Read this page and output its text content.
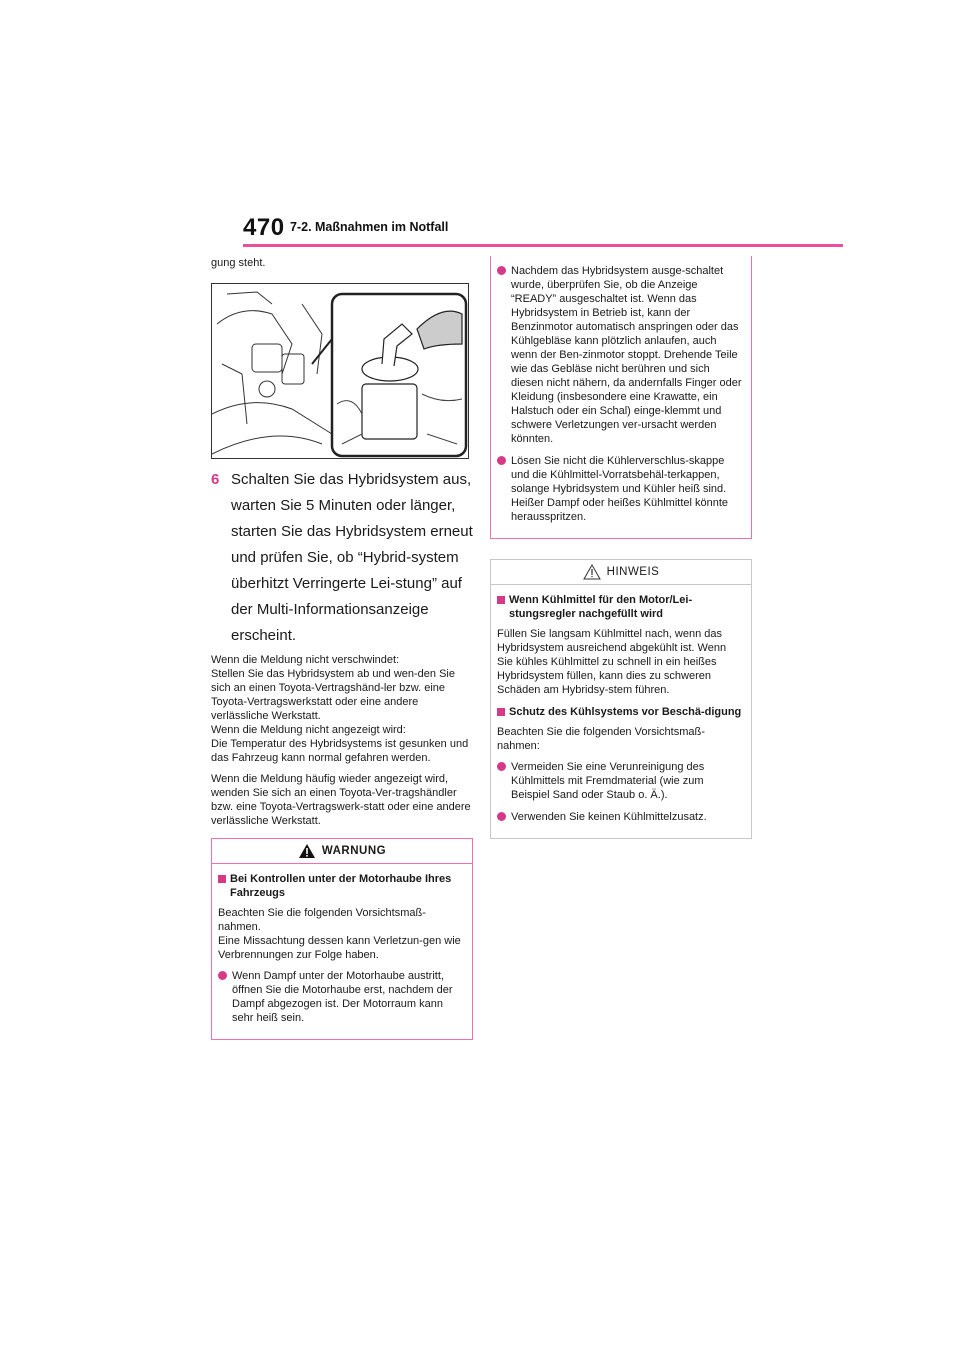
470 7-2. Maßnahmen im Notfall

gung steht.

6 Schalten Sie das Hybridsystem aus, warten Sie 5 Minuten oder länger, starten Sie das Hybridsystem erneut und prüfen Sie, ob “Hybrid-system überhitzt Verringerte Lei-stung” auf der Multi-Informationsanzeige erscheint.

Wenn die Meldung nicht verschwindet:
Stellen Sie das Hybridsystem ab und wen-den Sie sich an einen Toyota-Vertragshänd-ler bzw. eine Toyota-Vertragswerkstatt oder eine andere verlässliche Werkstatt.
Wenn die Meldung nicht angezeigt wird:
Die Temperatur des Hybridsystems ist gesunken und das Fahrzeug kann normal gefahren werden.

Wenn die Meldung häufig wieder angezeigt wird, wenden Sie sich an einen Toyota-Ver-tragshändler bzw. eine Toyota-Vertragswerk-statt oder eine andere verlässliche Werkstatt.

WARNUNG
Bei Kontrollen unter der Motorhaube Ihres Fahrzeugs

Beachten Sie die folgenden Vorsichtsmaß-nahmen.
Eine Missachtung dessen kann Verletzun-gen wie Verbrennungen zur Folge haben.

Wenn Dampf unter der Motorhaube austritt, öffnen Sie die Motorhaube erst, nachdem der Dampf abgezogen ist. Der Motorraum kann sehr heiß sein.
Nachdem das Hybridsystem ausge-schaltet wurde, überprüfen Sie, ob die Anzeige “READY” ausgeschaltet ist. Wenn das Hybridsystem in Betrieb ist, kann der Benzinmotor automatisch anspringen oder das Kühlgebläse kann plötzlich anlaufen, auch wenn der Ben-zinmotor stoppt. Drehende Teile wie das Gebläse nicht berühren und sich diesen nicht nähern, da andernfalls Finger oder Kleidung (insbesondere eine Krawatte, ein Halstuch oder ein Schal) einge-klemmt und schwere Verletzungen ver-ursacht werden könnten.
Lösen Sie nicht die Kühlerverschlus-skappe und die Kühlmittel-Vorratsbehäl-terkappen, solange Hybridsystem und Kühler heiß sind.
Heißer Dampf oder heißes Kühlmittel könnte herausspritzen.
HINWEIS
Wenn Kühlmittel für den Motor/Lei-stungsregler nachgefüllt wird

Füllen Sie langsam Kühlmittel nach, wenn das Hybridsystem ausreichend abgekühlt ist. Wenn Sie kühles Kühlmittel zu schnell in ein heißes Hybridsystem füllen, kann dies zu schweren Schäden am Hybridsy-stem führen.

Schutz des Kühlsystems vor Beschä-digung

Beachten Sie die folgenden Vorsichtsmaß-nahmen:

Vermeiden Sie eine Verunreinigung des Kühlmittels mit Fremdmaterial (wie zum Beispiel Sand oder Staub o. Ä.).
Verwenden Sie keinen Kühlmittelzusatz.
